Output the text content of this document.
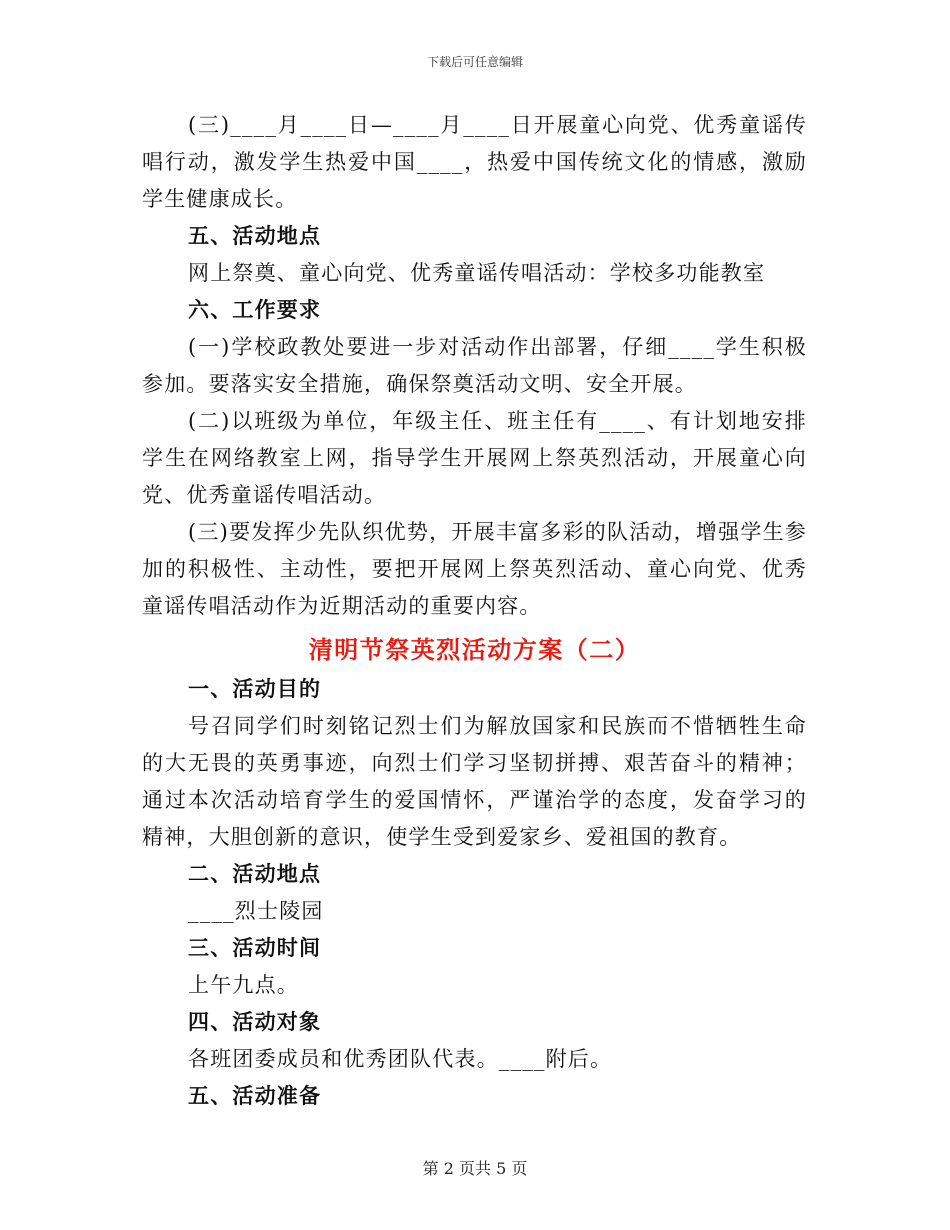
下载后可任意编辑

(三)____月____日—____月____日开展童心向党、优秀童谣传唱行动，激发学生热爱中国____，热爱中国传统文化的情感，激励学生健康成长。

五、活动地点

网上祭奠、童心向党、优秀童谣传唱活动：学校多功能教室

六、工作要求

(一)学校政教处要进一步对活动作出部署，仔细____学生积极参加。要落实安全措施，确保祭奠活动文明、安全开展。

(二)以班级为单位，年级主任、班主任有____、有计划地安排学生在网络教室上网，指导学生开展网上祭英烈活动，开展童心向党、优秀童谣传唱活动。

(三)要发挥少先队织优势，开展丰富多彩的队活动，增强学生参加的积极性、主动性，要把开展网上祭英烈活动、童心向党、优秀童谣传唱活动作为近期活动的重要内容。

清明节祭英烈活动方案（二）

一、活动目的

号召同学们时刻铭记烈士们为解放国家和民族而不惜牺牲生命的大无畏的英勇事迹，向烈士们学习坚韧拼搏、艰苦奋斗的精神；通过本次活动培育学生的爱国情怀，严谨治学的态度，发奋学习的精神，大胆创新的意识，使学生受到爱家乡、爱祖国的教育。

二、活动地点

____烈士陵园

三、活动时间

上午九点。

四、活动对象

各班团委成员和优秀团队代表。____附后。

五、活动准备

第 2 页共 5 页
